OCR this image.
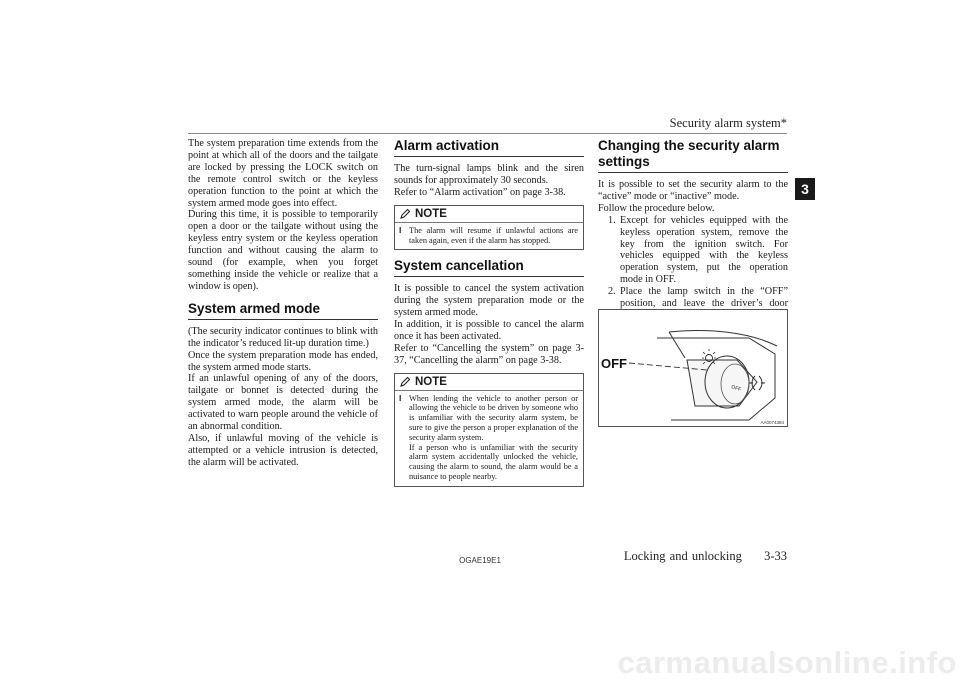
Security alarm system*
3

The system preparation time extends from the point at which all of the doors and the tailgate are locked by pressing the LOCK switch on the remote control switch or the keyless operation function to the point at which the system armed mode goes into effect.

During this time, it is possible to temporarily open a door or the tailgate without using the keyless entry system or the keyless operation function and without causing the alarm to sound (for example, when you forget something inside the vehicle or realize that a window is open).

System armed mode

(The security indicator continues to blink with the indicator’s reduced lit-up duration time.)

Once the system preparation mode has ended, the system armed mode starts.

If an unlawful opening of any of the doors, tailgate or bonnet is detected during the system armed mode, the alarm will be activated to warn people around the vehicle of an abnormal condition.

Also, if unlawful moving of the vehicle is attempted or a vehicle intrusion is detected, the alarm will be activated.

Alarm activation

The turn-signal lamps blink and the siren sounds for approximately 30 seconds.

Refer to “Alarm activation” on page 3-38.

NOTE
l The alarm will resume if unlawful actions are taken again, even if the alarm has stopped.

System cancellation

It is possible to cancel the system activation during the system preparation mode or the system armed mode.

In addition, it is possible to cancel the alarm once it has been activated.

Refer to “Cancelling the system” on page 3-37, “Cancelling the alarm” on page 3-38.

NOTE
l When lending the vehicle to another person or allowing the vehicle to be driven by someone who is unfamiliar with the security alarm system, be sure to give the person a proper explanation of the security alarm system.

If a person who is unfamiliar with the security alarm system accidentally unlocked the vehicle, causing the alarm to sound, the alarm would be a nuisance to people nearby.

Changing the security alarm settings

It is possible to set the security alarm to the “active” mode or “inactive” mode.

Follow the procedure below.

1. Except for vehicles equipped with the keyless operation system, remove the key from the ignition switch. For vehicles equipped with the keyless operation system, put the operation mode in OFF.
2. Place the lamp switch in the “OFF” position, and leave the driver’s door
OFF
OFF
AA0074384
OGAE19E1	Locking and unlocking 3-33
carmanualsonline.info
